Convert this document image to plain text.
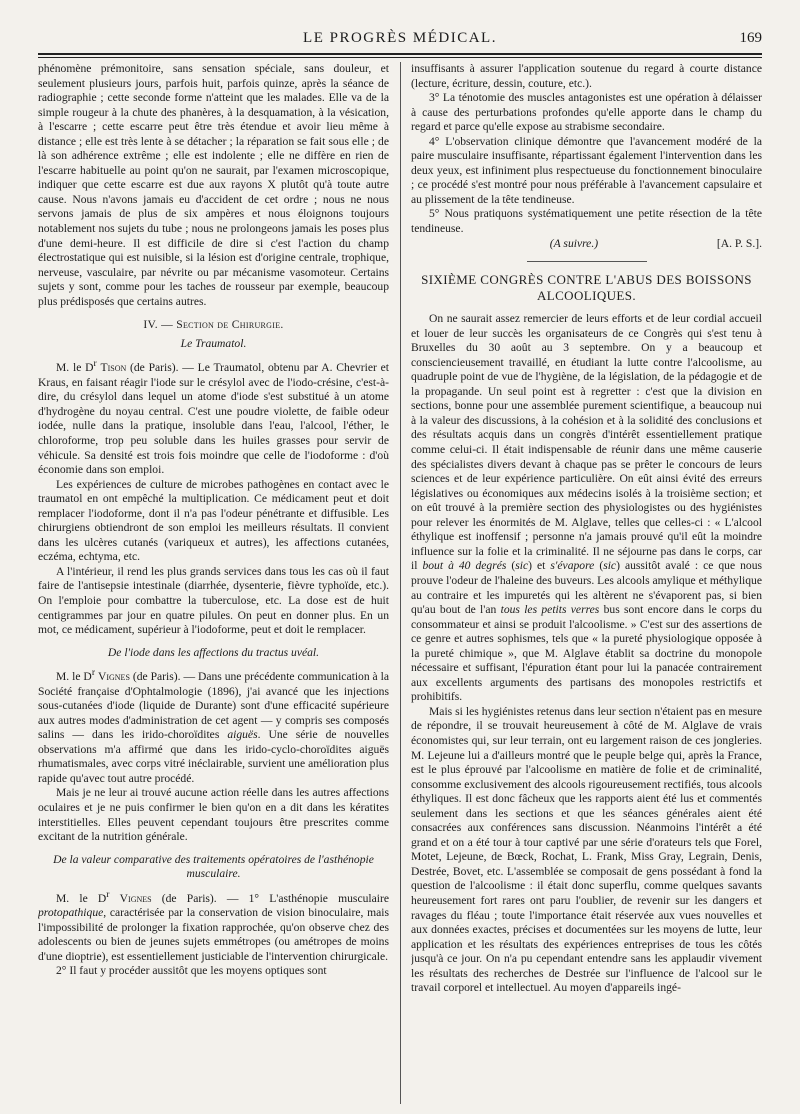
LE PROGRÈS MÉDICAL.	169

phénomène prémonitoire, sans sensation spéciale, sans douleur, et seulement plusieurs jours, parfois huit, parfois quinze, après la séance de radiographie ; cette seconde forme n'atteint que les malades. Elle va de la simple rougeur à la chute des phanères, à la desquamation, à la vésication, à l'escarre ; cette escarre peut être très étendue et avoir lieu même à distance ; elle est très lente à se détacher ; la réparation se fait sous elle ; de là son adhérence extrême ; elle est indolente ; elle ne diffère en rien de l'escarre habituelle au point qu'on ne saurait, par l'examen microscopique, indiquer que cette escarre est due aux rayons X plutôt qu'à toute autre cause. Nous n'avons jamais eu d'accident de cet ordre ; nous ne nous servons jamais de plus de six ampères et nous éloignons toujours notablement nos sujets du tube ; nous ne prolongeons jamais les poses plus d'une demi-heure. Il est difficile de dire si c'est l'action du champ électrostatique qui est nuisible, si la lésion est d'origine centrale, trophique, nerveuse, vasculaire, par névrite ou par mécanisme vasomoteur. Certains sujets y sont, comme pour les taches de rousseur par exemple, beaucoup plus prédisposés que certains autres.

IV. — Section de Chirurgie.
Le Traumatol.

M. le $D^r$ Tison (de Paris). — Le Traumatol, obtenu par A. Chevrier et Kraus, en faisant réagir l'iode sur le crésylol avec de l'iodo-crésine, c'est-à-dire, du crésylol dans lequel un atome d'iode s'est substitué à un atome d'hydrogène du noyau central. C'est une poudre violette, de faible odeur iodée, nulle dans la pratique, insoluble dans l'eau, l'alcool, l'éther, le chloroforme, trop peu soluble dans les huiles grasses pour servir de véhicule. Sa densité est trois fois moindre que celle de l'iodoforme : d'où économie dans son emploi.

Les expériences de culture de microbes pathogènes en contact avec le traumatol en ont empêché la multiplication. Ce médicament peut et doit remplacer l'iodoforme, dont il n'a pas l'odeur pénétrante et diffusible. Les chirurgiens obtiendront de son emploi les meilleurs résultats. Il convient dans les ulcères cutanés (variqueux et autres), les affections cutanées, eczéma, echtyma, etc.

A l'intérieur, il rend les plus grands services dans tous les cas où il faut faire de l'antisepsie intestinale (diarrhée, dysenterie, fièvre typhoïde, etc.). On l'emploie pour combattre la tuberculose, etc. La dose est de huit centigrammes par jour en quatre pilules. On peut en donner plus. En un mot, ce médicament, supérieur à l'iodoforme, peut et doit le remplacer.

De l'iode dans les affections du tractus uvéal.

M. le $D^r$ Vignes (de Paris). — Dans une précédente communication à la Société française d'Ophtalmologie (1896), j'ai avancé que les injections sous-cutanées d'iode (liquide de Durante) sont d'une efficacité supérieure aux autres modes d'administration de cet agent — y compris ses composés salins — dans les irido-choroïdites aiguës. Une série de nouvelles observations m'a affirmé que dans les irido-cyclo-choroïdites aiguës rhumatismales, avec corps vitré inéclairable, survient une amélioration plus rapide qu'avec tout autre procédé.

Mais je ne leur ai trouvé aucune action réelle dans les autres affections oculaires et je ne puis confirmer le bien qu'on en a dit dans les kératites interstitielles. Elles peuvent cependant toujours être prescrites comme excitant de la nutrition générale.

De la valeur comparative des traitements opératoires de l'asthénopie musculaire.

M. le $D^r$ Vignes (de Paris). — 1° L'asthénopie musculaire protopathique, caractérisée par la conservation de vision binoculaire, mais l'impossibilité de prolonger la fixation rapprochée, qu'on observe chez des adolescents ou bien de jeunes sujets emmétropes (ou amétropes de moins d'une dioptrie), est essentiellement justiciable de l'intervention chirurgicale.

2° Il faut y procéder aussitôt que les moyens optiques sont

insuffisants à assurer l'application soutenue du regard à courte distance (lecture, écriture, dessin, couture, etc.).

3° La ténotomie des muscles antagonistes est une opération à délaisser à cause des perturbations profondes qu'elle apporte dans le champ du regard et parce qu'elle expose au strabisme secondaire.

4° L'observation clinique démontre que l'avancement modéré de la paire musculaire insuffisante, répartissant également l'intervention dans les deux yeux, est infiniment plus respectueuse du fonctionnement binoculaire ; ce procédé s'est montré pour nous préférable à l'avancement capsulaire et au plissement de la tête tendineuse.

5° Nous pratiquons systématiquement une petite résection de la tête tendineuse.

(A suivre.)	[A. P. S.].
SIXIÈME CONGRÈS CONTRE L'ABUS DES BOISSONS ALCOOLIQUES.

On ne saurait assez remercier de leurs efforts et de leur cordial accueil et louer de leur succès les organisateurs de ce Congrès qui s'est tenu à Bruxelles du 30 août au 3 septembre. On y a beaucoup et consciencieusement travaillé, en étudiant la lutte contre l'alcoolisme, au quadruple point de vue de l'hygiène, de la législation, de la pédagogie et de la propagande. Un seul point est à regretter : c'est que la division en sections, bonne pour une assemblée purement scientifique, a beaucoup nui à la valeur des discussions, à la cohésion et à la solidité des conclusions et des résultats acquis dans un congrès d'intérêt essentiellement pratique comme celui-ci. Il était indispensable de réunir dans une même causerie des spécialistes divers devant à chaque pas se prêter le concours de leurs sciences et de leur expérience particulière. On eût ainsi évité des erreurs législatives ou économiques aux médecins isolés à la troisième section; et on eût trouvé à la première section des physiologistes ou des hygiénistes pour relever les énormités de M. Alglave, telles que celles-ci : « L'alcool éthylique est inoffensif ; personne n'a jamais prouvé qu'il eût la moindre influence sur la folie et la criminalité. Il ne séjourne pas dans le corps, car il bout à 40 degrés (sic) et s'évapore (sic) aussitôt avalé : ce que nous prouve l'odeur de l'haleine des buveurs. Les alcools amylique et méthylique au contraire et les impuretés qui les altèrent ne s'évaporent pas, si bien qu'au bout de l'an tous les petits verres bus sont encore dans le corps du consommateur et ainsi se produit l'alcoolisme. » C'est sur des assertions de ce genre et autres sophismes, tels que « la pureté physiologique opposée à la pureté chimique », que M. Alglave établit sa doctrine du monopole nécessaire et suffisant, l'épuration étant pour lui la panacée contrairement aux excellents arguments des partisans des monopoles restrictifs et prohibitifs.

Mais si les hygiénistes retenus dans leur section n'étaient pas en mesure de répondre, il se trouvait heureusement à côté de M. Alglave de vrais économistes qui, sur leur terrain, ont eu largement raison de ces jongleries. M. Lejeune lui a d'ailleurs montré que le peuple belge qui, après la France, est le plus éprouvé par l'alcoolisme en matière de folie et de criminalité, consomme exclusivement des alcools rigoureusement rectifiés, tous alcools éthyliques. Il est donc fâcheux que les rapports aient été lus et commentés seulement dans les sections et que les séances générales aient été consacrées aux conférences sans discussion. Néanmoins l'intérêt a été grand et on a été tour à tour captivé par une série d'orateurs tels que Forel, Motet, Lejeune, de Bœck, Rochat, L. Frank, Miss Gray, Legrain, Denis, Destrée, Bovet, etc. L'assemblée se composait de gens possédant à fond la question de l'alcoolisme : il était donc superflu, comme quelques savants heureusement fort rares ont paru l'oublier, de revenir sur les dangers et ravages du fléau ; toute l'importance était réservée aux vues nouvelles et aux données exactes, précises et documentées sur les moyens de lutte, leur application et les résultats des expériences entreprises de tous les côtés jusqu'à ce jour. On n'a pu cependant entendre sans les applaudir vivement les résultats des recherches de Destrée sur l'influence de l'alcool sur le travail corporel et intellectuel. Au moyen d'appareils ingé-
